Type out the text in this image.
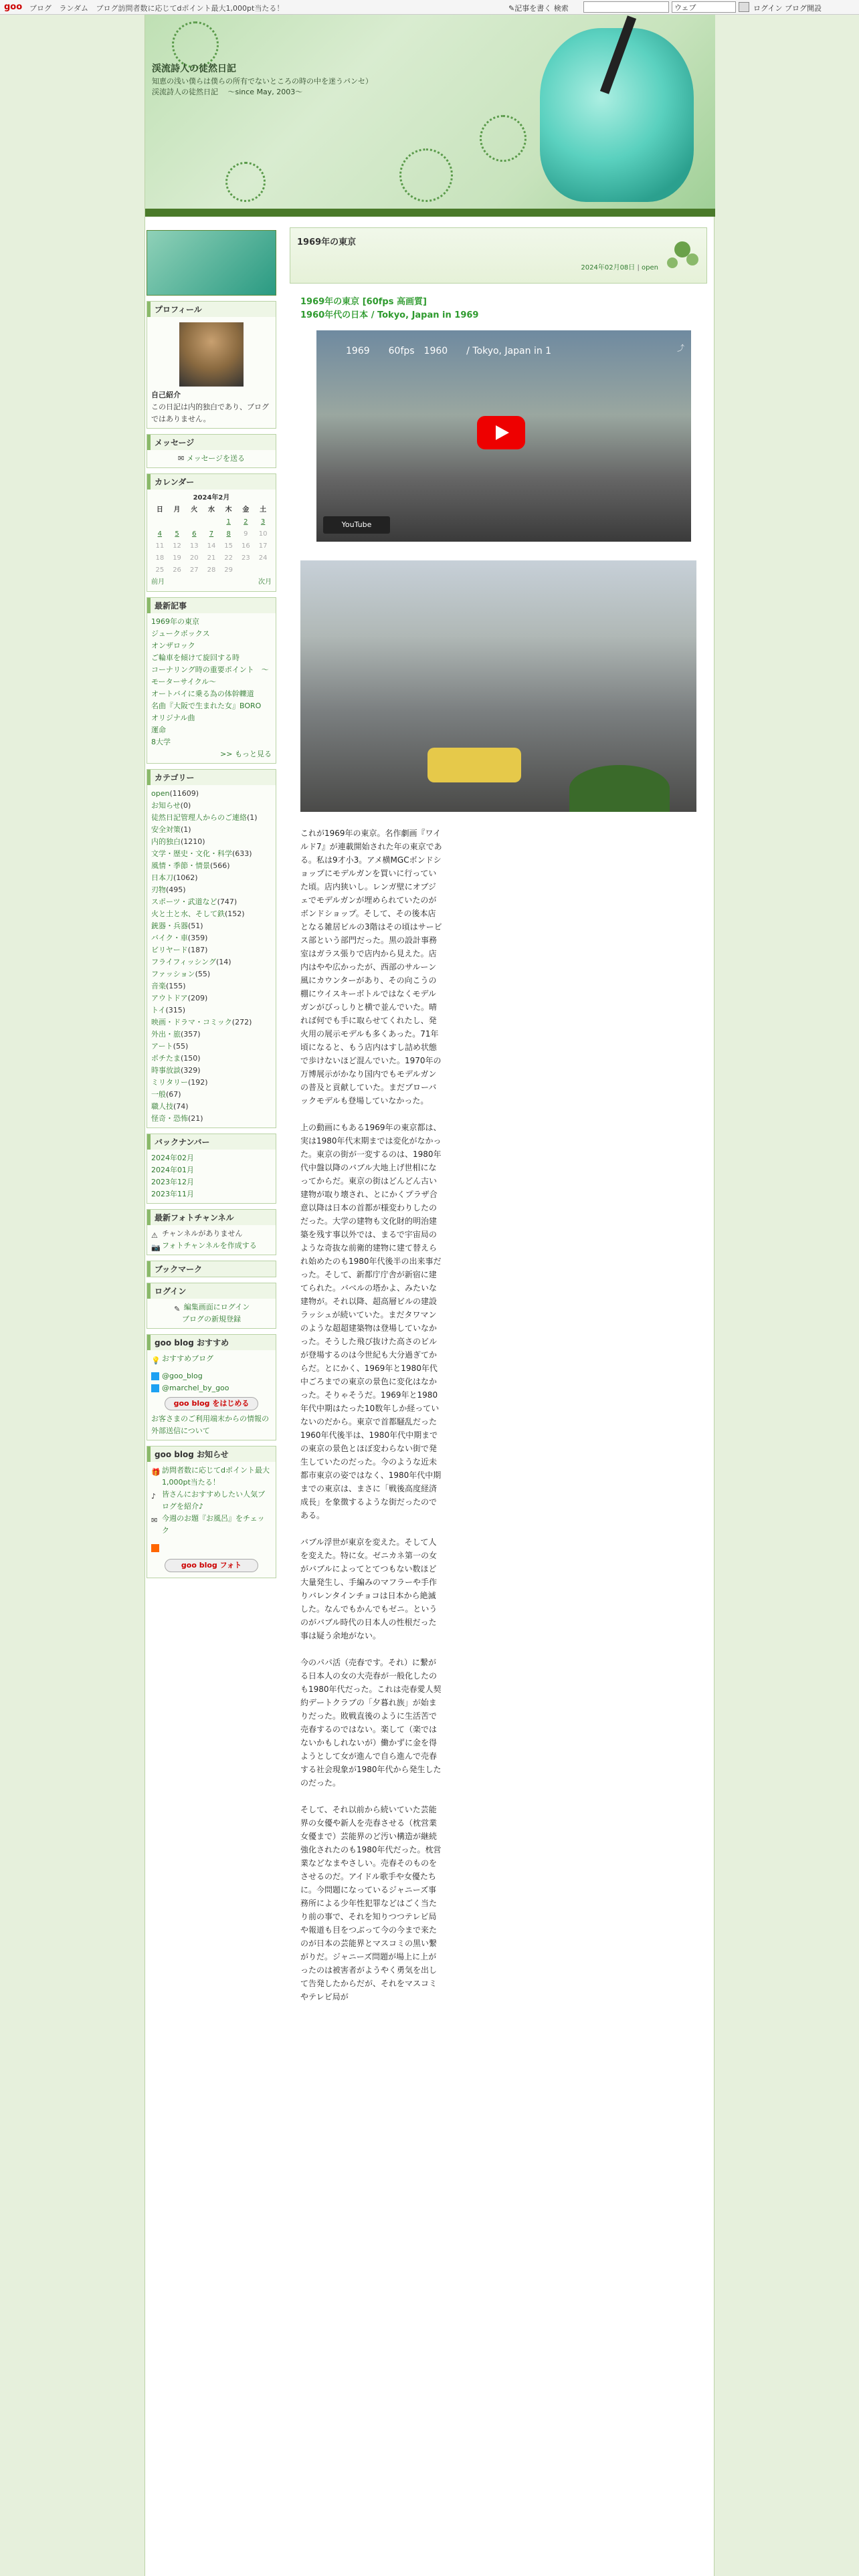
goo ブログ ランダム ブログ訪問者数に応じてdポイント最大1,000pt当たる！	✎記事を書く 検索	ウェブ	ログイン ブログ開設
渓流詩人の徒然日記
知恵の浅い僕らは僕らの所有でないところの時の中を迷うパンセ）　渓流詩人の徒然日記　 〜since May, 2003〜
プロフィール
自己紹介
この日記は内的独白であり、ブログではありません。
メッセージ
✉ メッセージを送る
カレンダー
2024年2月						
日	月	火	水	木	金	土
				1	2	3
4	5	6	7	8	9	10
11	12	13	14	15	16	17
18	19	20	21	22	23	24
25	26	27	28	29		
前月	次月
最新記事
1969年の東京
ジュークボックス
オンザロック
ご輪車を傾けて旋回する時
コーナリング時の重要ポイント　〜モーターサイクル〜
オートバイに乗る為の体幹轢道
名曲『大阪で生まれた女』BORO
オリジナル曲
運命
8大学
>> もっと見る
カテゴリー
open(11609)
お知らせ(0)
徒然日記管理人からのご連絡(1)
安全対策(1)
内的独白(1210)
文学・歴史・文化・科学(633)
風情・季節・情景(566)
日本刀(1062)
刃物(495)
スポーツ・武道など(747)
火と土と水、そして鉄(152)
銃器・兵器(51)
バイク・車(359)
ビリヤード(187)
フライフィッシング(14)
ファッション(55)
音楽(155)
アウトドア(209)
トイ(315)
映画・ドラマ・コミック(272)
外出・旅(357)
アート(55)
ポチたま(150)
時事放談(329)
ミリタリー(192)
一般(67)
職人技(74)
怪奇・恐怖(21)
バックナンバー
2024年02月
2024年01月
2023年12月
2023年11月
最新フォトチャンネル
⚠ チャンネルがありません
📷 フォトチャンネルを作成する
ブックマーク
ログイン
✎ 編集画面にログイン
ブログの新規登録
goo blog おすすめ
💡 おすすめブログ
@goo_blog
@marchel_by_goo
goo blog をはじめる
お客さまのご利用端末からの情報の外部送信について
goo blog お知らせ
🎁 訪問者数に応じてdポイント最大1,000pt当たる！
♪ 皆さんにおすすめしたい人気ブログを紹介♪
✉ 今週のお題『お風呂』をチェック
goo blog フォト
1969年の東京
2024年02月08日 | open
1969年の東京 [60fps 高画質]
1960年代の日本 / Tokyo, Japan in 1969
1969　　60fps　1960　　/ Tokyo, Japan in 1	⤴
YouTube

これが1969年の東京。名作劇画『ワイルド7』が連載開始された年の東京である。私は9才小3。アメ横MGCボンドショップにモデルガンを買いに行っていた頃。店内狭いし。レンガ壁にオブジェでモデルガンが埋められていたのがボンドショップ。そして、その後本店となる雑居ビルの3階はその頃はサービス部という部門だった。黒の設計事務室はガラス張りで店内から見えた。店内はやや広かったが、西部のサルーン風にカウンターがあり、その向こうの棚にウイスキーボトルではなくモデルガンがびっしりと横で並んでいた。晴れば何でも手に取らせてくれたし、発火用の展示モデルも多くあった。71年頃になると、もう店内はすし詰め状態で歩けないほど混んでいた。1970年の万博展示がかなり国内でもモデルガンの普及と貢献していた。まだブローバックモデルも登場していなかった。

上の動画にもある1969年の東京都は、実は1980年代末期までは変化がなかった。東京の街が一変するのは、1980年代中盤以降のバブル大地上げ世相になってからだ。東京の街はどんどん古い建物が取り壊され、とにかくプラザ合意以降は日本の首都が様変わりしたのだった。大学の建物も文化財的明治建築を残す事以外では、まるで宇宙局のような奇抜な前衛的建物に建て替えられ始めたのも1980年代後半の出来事だった。そして、新都庁庁舎が新宿に建てられた。バベルの塔かよ、みたいな建物が。それ以降、超高層ビルの建設ラッシュが続いていた。まだタワマンのような超超建築物は登場していなかった。そうした飛び抜けた高さのビルが登場するのは今世紀も大分過ぎてからだ。とにかく、1969年と1980年代中ごろまでの東京の景色に変化はなかった。そりゃそうだ。1969年と1980年代中期はたった10数年しか経っていないのだから。東京で首都騒乱だった1960年代後半は、1980年代中期までの東京の景色とほぼ変わらない街で発生していたのだった。今のような近未都市東京の姿ではなく、1980年代中期までの東京は、まさに「戦後高度経済成長」を象徴するような街だったのである。

バブル浮世が東京を変えた。そして人を変えた。特に女。ゼニカネ第一の女がバブルによってとてつもない数ほど大量発生し、手編みのマフラーや手作りバレンタインチョコは日本から絶滅した。なんでもかんでもゼニ。というのがバブル時代の日本人の性根だった事は疑う余地がない。

今のパパ活（売春です。それ）に繋がる日本人の女の大売春が一般化したのも1980年代だった。これは売春愛人契約デートクラブの「夕暮れ族」が始まりだった。敗戦直後のように生活苦で売春するのではない。楽して（楽ではないかもしれないが）働かずに金を得ようとして女が進んで自ら進んで売春する社会現象が1980年代から発生したのだった。

そして、それ以前から続いていた芸能界の女優や新人を売春させる（枕営業女優まで）芸能界のど汚い構造が継続強化されたのも1980年代だった。枕営業などなまやさしい。売春そのものをさせるのだ。アイドル歌手や女優たちに。今問題になっているジャニーズ事務所による少年性犯罪などはごく当たり前の事で、それを知りつつテレビ局や報道も目をつぶって今の今まで来たのが日本の芸能界とマスコミの黒い繋がりだ。ジャニーズ問題が場上に上がったのは被害者がようやく勇気を出して告発したからだが、それをマスコミやテレビ局が
